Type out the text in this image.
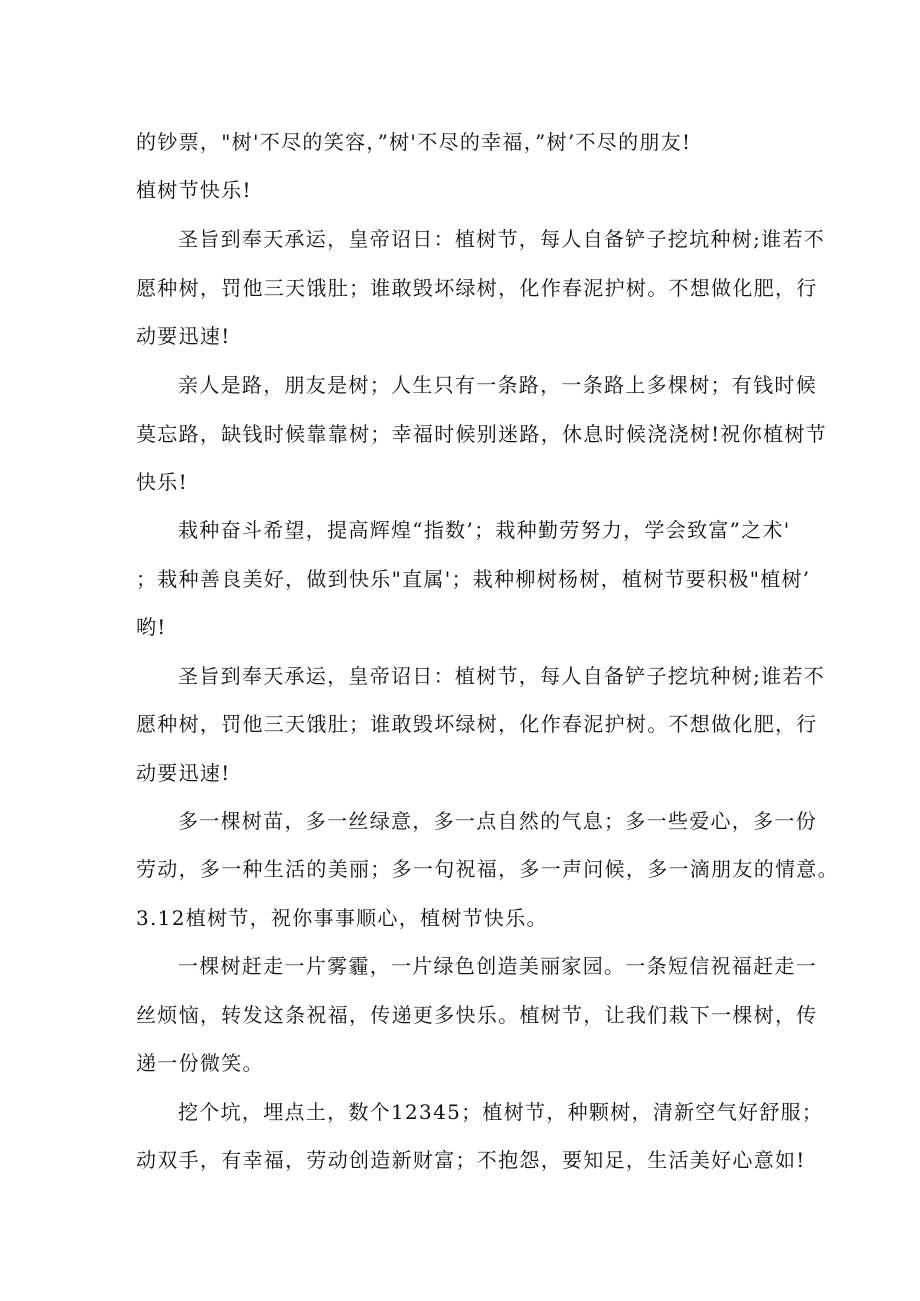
的钞票，"树'不尽的笑容，”树'不尽的幸福，”树’不尽的朋友!

植树节快乐!

圣旨到奉天承运，皇帝诏日：植树节，每人自备铲子挖坑种树;谁若不

愿种树，罚他三天饿肚；谁敢毁坏绿树，化作春泥护树。不想做化肥，行

动要迅速!

亲人是路，朋友是树；人生只有一条路，一条路上多棵树；有钱时候

莫忘路，缺钱时候靠靠树；幸福时候别迷路，休息时候浇浇树!祝你植树节

快乐!

栽种奋斗希望，提高辉煌“指数’；栽种勤劳努力，学会致富”之术'

；栽种善良美好，做到快乐"直属'；栽种柳树杨树，植树节要积极"植树’

哟!

圣旨到奉天承运，皇帝诏日：植树节，每人自备铲子挖坑种树;谁若不

愿种树，罚他三天饿肚；谁敢毁坏绿树，化作春泥护树。不想做化肥，行

动要迅速!

多一棵树苗，多一丝绿意，多一点自然的气息；多一些爱心，多一份

劳动，多一种生活的美丽；多一句祝福，多一声问候，多一滴朋友的情意。

3.12植树节，祝你事事顺心，植树节快乐。

一棵树赶走一片雾霾，一片绿色创造美丽家园。一条短信祝福赶走一

丝烦恼，转发这条祝福，传递更多快乐。植树节，让我们栽下一棵树，传

递一份微笑。

挖个坑，埋点土，数个12345；植树节，种颗树，清新空气好舒服；

动双手，有幸福，劳动创造新财富；不抱怨，要知足，生活美好心意如!
